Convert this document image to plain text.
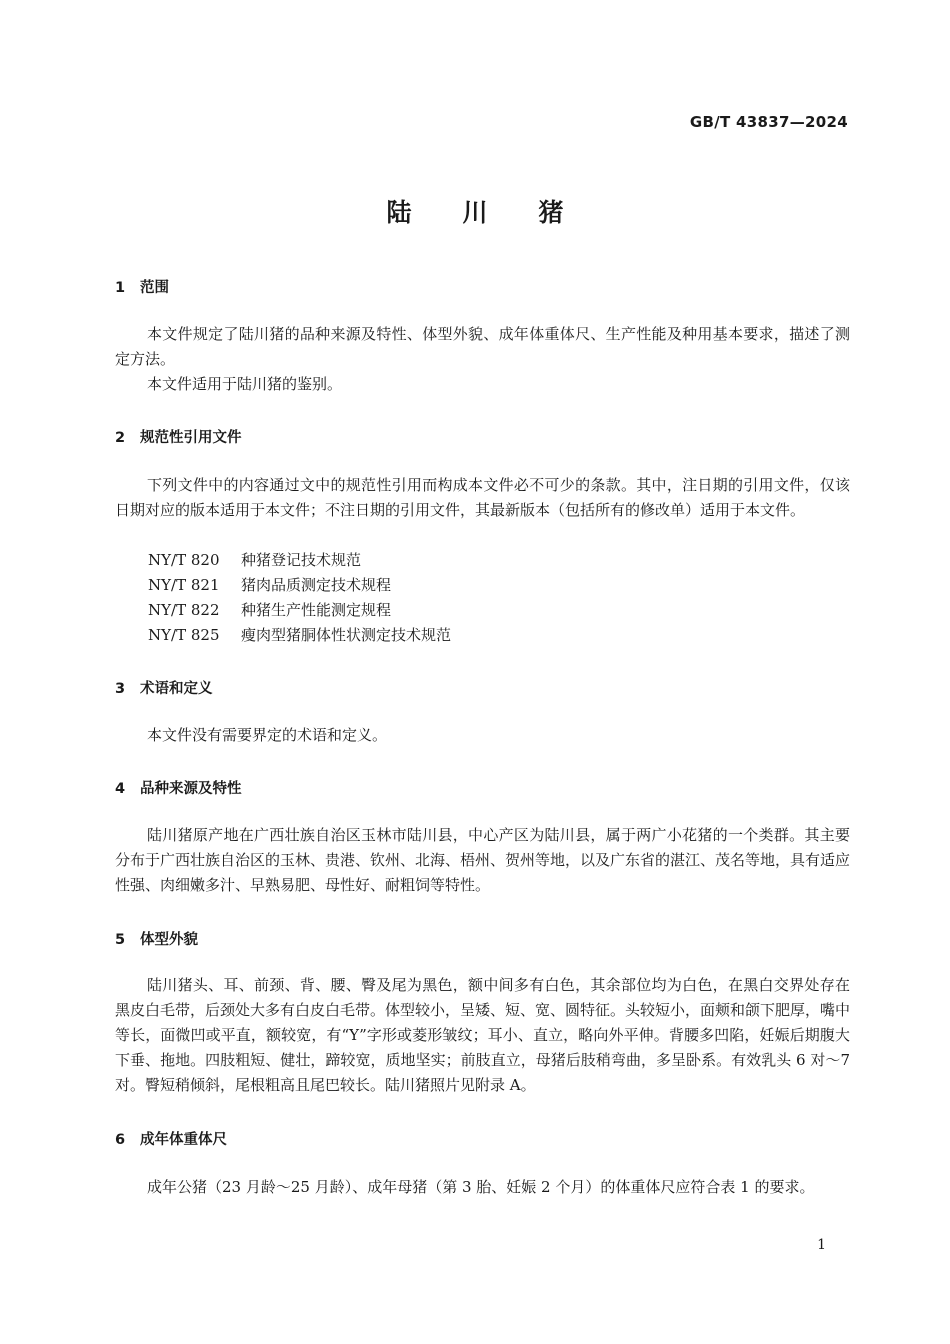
GB/T 43837—2024
陆川猪
1 范围

本文件规定了陆川猪的品种来源及特性、体型外貌、成年体重体尺、生产性能及种用基本要求，描述了测定方法。

本文件适用于陆川猪的鉴别。

2 规范性引用文件

下列文件中的内容通过文中的规范性引用而构成本文件必不可少的条款。其中，注日期的引用文件，仅该日期对应的版本适用于本文件；不注日期的引用文件，其最新版本（包括所有的修改单）适用于本文件。

NY/T 820 种猪登记技术规范
NY/T 821 猪肉品质测定技术规程
NY/T 822 种猪生产性能测定规程
NY/T 825 瘦肉型猪胴体性状测定技术规范
3 术语和定义

本文件没有需要界定的术语和定义。

4 品种来源及特性

陆川猪原产地在广西壮族自治区玉林市陆川县，中心产区为陆川县，属于两广小花猪的一个类群。其主要分布于广西壮族自治区的玉林、贵港、钦州、北海、梧州、贺州等地，以及广东省的湛江、茂名等地，具有适应性强、肉细嫩多汁、早熟易肥、母性好、耐粗饲等特性。

5 体型外貌

陆川猪头、耳、前颈、背、腰、臀及尾为黑色，额中间多有白色，其余部位均为白色，在黑白交界处存在黑皮白毛带，后颈处大多有白皮白毛带。体型较小，呈矮、短、宽、圆特征。头较短小，面颊和颌下肥厚，嘴中等长，面微凹或平直，额较宽，有“Y”字形或菱形皱纹；耳小、直立，略向外平伸。背腰多凹陷，妊娠后期腹大下垂、拖地。四肢粗短、健壮，蹄较宽，质地坚实；前肢直立，母猪后肢稍弯曲，多呈卧系。有效乳头 6 对～7 对。臀短稍倾斜，尾根粗高且尾巴较长。陆川猪照片见附录 A。

6 成年体重体尺

成年公猪（23 月龄～25 月龄）、成年母猪（第 3 胎、妊娠 2 个月）的体重体尺应符合表 1 的要求。

1
